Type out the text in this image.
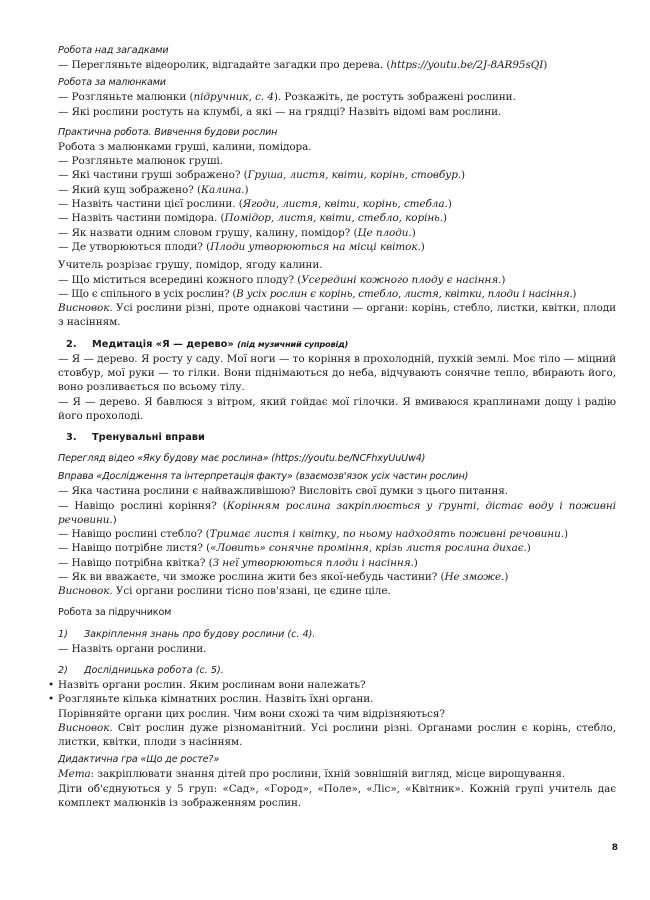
Робота над загадками
— Перегляньте відеоролик, відгадайте загадки про дерева. (https://youtu.be/2J-8AR95sQI)
Робота за малюнками
— Розгляньте малюнки (підручник, с. 4). Розкажіть, де ростуть зображені рослини.
— Які рослини ростуть на клумбі, а які — на грядці? Назвіть відомі вам рослини.
Практична робота. Вивчення будови рослин
Робота з малюнками груші, калини, помідора.
— Розгляньте малюнок груші.
— Які частини груші зображено? (Груша, листя, квіти, корінь, стовбур.)
— Який кущ зображено? (Калина.)
— Назвіть частини цієї рослини. (Ягоди, листя, квіти, корінь, стебла.)
— Назвіть частини помідора. (Помідор, листя, квіти, стебло, корінь.)
— Як назвати одним словом грушу, калину, помідор? (Це плоди.)
— Де утворюються плоди? (Плоди утворюються на місці квіток.)
Учитель розрізає грушу, помідор, ягоду калини.
— Що міститься всередині кожного плоду? (Усередині кожного плоду є насіння.)
— Що є спільного в усіх рослин? (В усіх рослин є корінь, стебло, листя, квітки, плоди і насіння.)
Висновок. Усі рослини різні, проте однакові частини — органи: корінь, стебло, листки, квітки, плоди з насінням.
2. Медитація «Я — дерево» (під музичний супровід)
— Я — дерево. Я росту у саду. Мої ноги — то коріння в прохолодній, пухкій землі. Моє тіло — міцний стовбур, мої руки — то гілки. Вони піднімаються до неба, відчувають сонячне тепло, вбирають його, воно розливається по всьому тілу.
— Я — дерево. Я бавлюся з вітром, який гойдає мої гілочки. Я вмиваюся краплинами дощу і радію його прохолоді.
3. Тренувальні вправи
Перегляд відео «Яку будову має рослина» (https://youtu.be/NCFhxyUuUw4)
Вправа «Дослідження та інтерпретація факту» (взаємозв'язок усіх частин рослин)
— Яка частина рослини є найважливішою? Висловіть свої думки з цього питання.
— Навіщо рослині коріння? (Корінням рослина закріплюється у ґрунті, дістає воду і поживні речовини.)
— Навіщо рослині стебло? (Тримає листя і квітку, по ньому надходять поживні речовини.)
— Навіщо потрібне листя? («Ловить» сонячне проміння, крізь листя рослина дихає.)
— Навіщо потрібна квітка? (З неї утворюються плоди і насіння.)
— Як ви вважаєте, чи зможе рослина жити без якої-небудь частини? (Не зможе.)
Висновок. Усі органи рослини тісно пов'язані, це єдине ціле.
Робота за підручником
1) Закріплення знань про будову рослини (с. 4).
— Назвіть органи рослини.
2) Дослідницька робота (с. 5).
• Назвіть органи рослин. Яким рослинам вони належать?
• Розгляньте кілька кімнатних рослин. Назвіть їхні органи.
Порівняйте органи цих рослин. Чим вони схожі та чим відрізняються?
Висновок. Світ рослин дуже різноманітний. Усі рослини різні. Органами рослин є корінь, стебло, листки, квітки, плоди з насінням.
Дидактична гра «Що де росте?»
Мета: закріплювати знання дітей про рослини, їхній зовнішній вигляд, місце вирощування.
Діти об'єднуються у 5 груп: «Сад», «Город», «Поле», «Ліс», «Квітник». Кожній групі учитель дає комплект малюнків із зображенням рослин.
8
